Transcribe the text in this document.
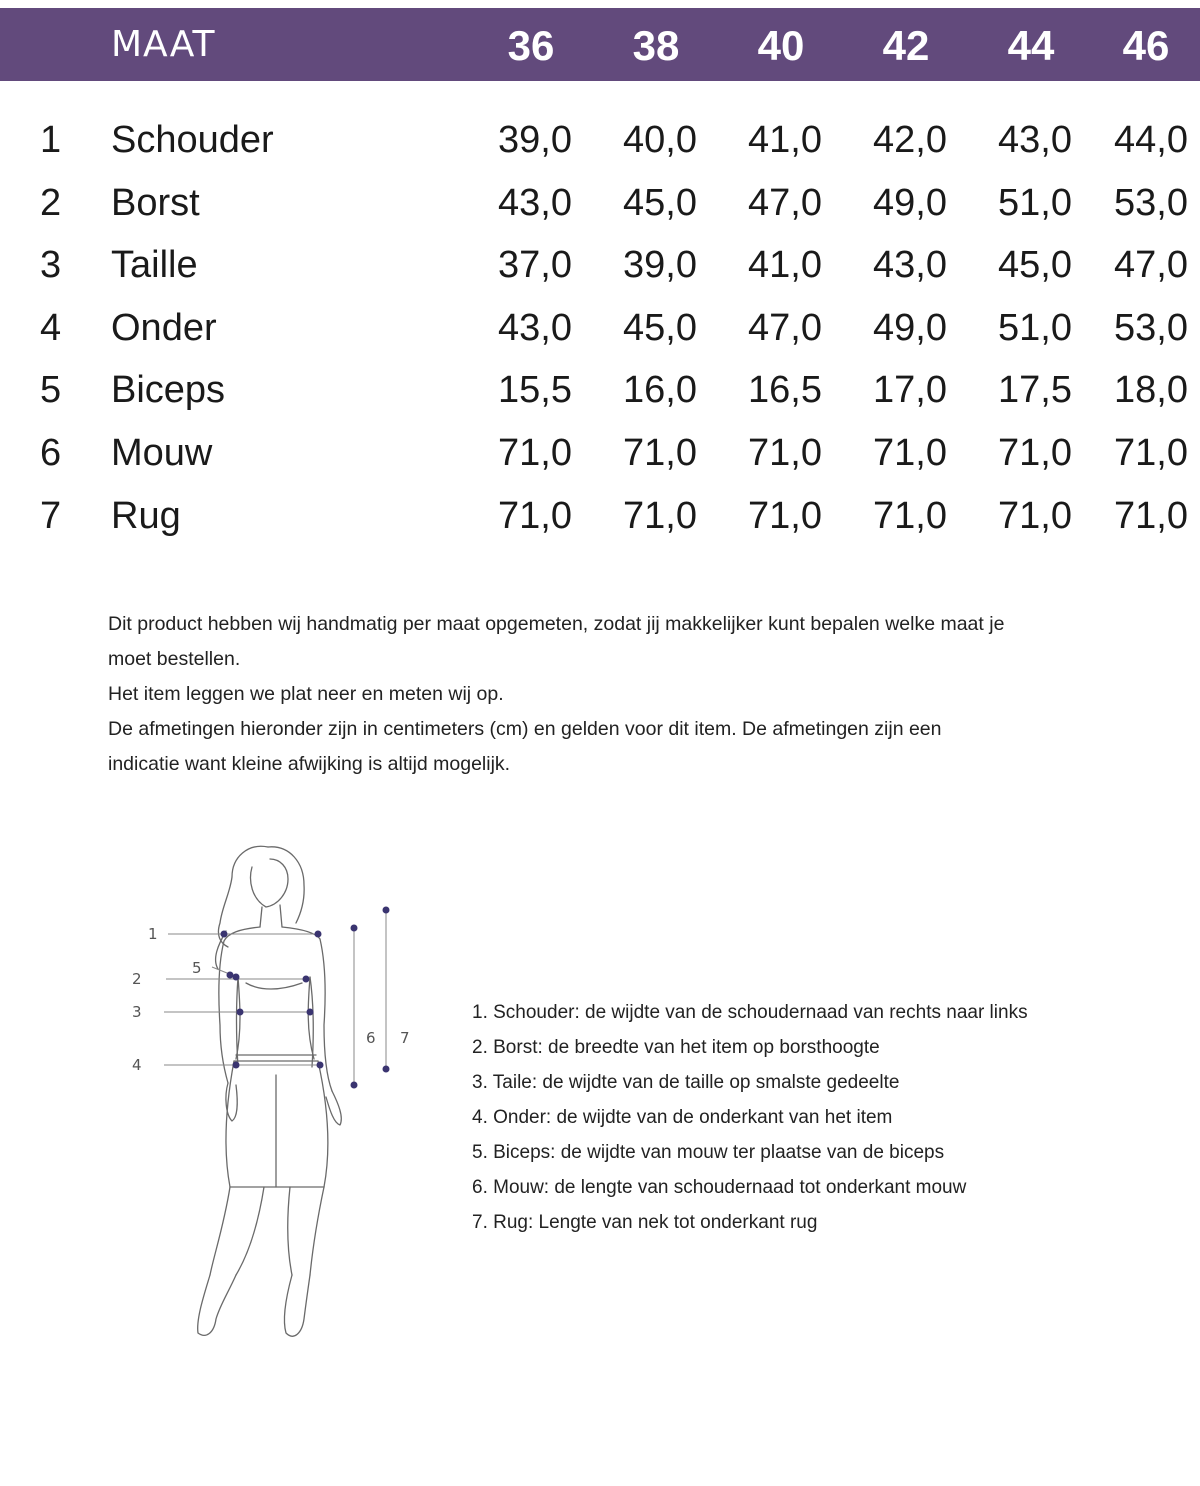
MAAT	36 38 40 42 44 46
1 Schouder	39,0	40,0	41,0	42,0	43,0	44,0
2 Borst	43,0	45,0	47,0	49,0	51,0	53,0
3 Taille	37,0	39,0	41,0	43,0	45,0	47,0
4 Onder	43,0	45,0	47,0	49,0	51,0	53,0
5 Biceps	15,5	16,0	16,5	17,0	17,5	18,0
6 Mouw	71,0	71,0	71,0	71,0	71,0	71,0
7 Rug	71,0	71,0	71,0	71,0	71,0	71,0
Dit product hebben wij handmatig per maat opgemeten, zodat jij makkelijker kunt bepalen welke maat je
moet bestellen.
Het item leggen we plat neer en meten wij op.
De afmetingen hieronder zijn in centimeters (cm) en gelden voor dit item. De afmetingen zijn een
indicatie want kleine afwijking is altijd mogelijk.
1
2
3
4
5
6 7
1. Schouder: de wijdte van de schoudernaad van rechts naar links
2. Borst: de breedte van het item op borsthoogte
3. Taile: de wijdte van de taille op smalste gedeelte
4. Onder: de wijdte van de onderkant van het item
5. Biceps: de wijdte van mouw ter plaatse van de biceps
6. Mouw: de lengte van schoudernaad tot onderkant mouw
7. Rug: Lengte van nek tot onderkant rug
